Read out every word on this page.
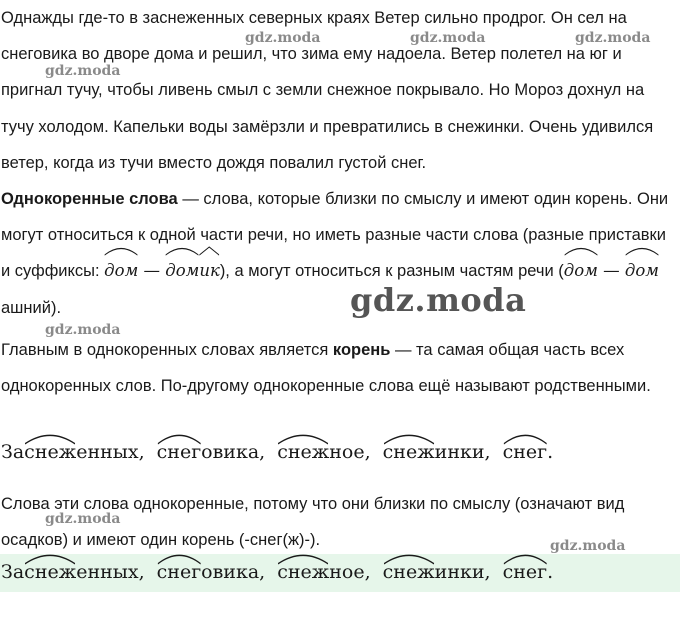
Однажды где-то в заснеженных северных краях Ветер сильно продрог. Он сел на снеговика во дворе дома и решил, что зима ему надоела. Ветер полетел на юг и пригнал тучу, чтобы ливень смыл с земли снежное покрывало. Но Мороз дохнул на тучу холодом. Капельки воды замёрзли и превратились в снежинки. Очень удивился ветер, когда из тучи вместо дождя повалил густой снег.

Однокоренные слова — слова, которые близки по смыслу и имеют один корень. Они могут относиться к одной части речи, но иметь разные части слова (разные приставки и суффиксы:
дом —
дом
ик), а могут относиться к разным частям речи (
дом —
домашний).

Главным в однокоренных словах является корень — та самая общая часть всех однокоренных слов. По-другому однокоренные слова ещё называют родственными.

За
снеженных, снеговика, снежное, снежинки, снег.

Слова эти слова однокоренные, потому что они близки по смыслу (означают вид осадков) и имеют один корень (-снег(ж)-).

За
снеженных, снеговика, снежное, снежинки, снег.
gdz.moda	gdz.moda	gdz.moda
gdz.moda
gdz.moda
gdz.moda
gdz.moda
gdz.moda
